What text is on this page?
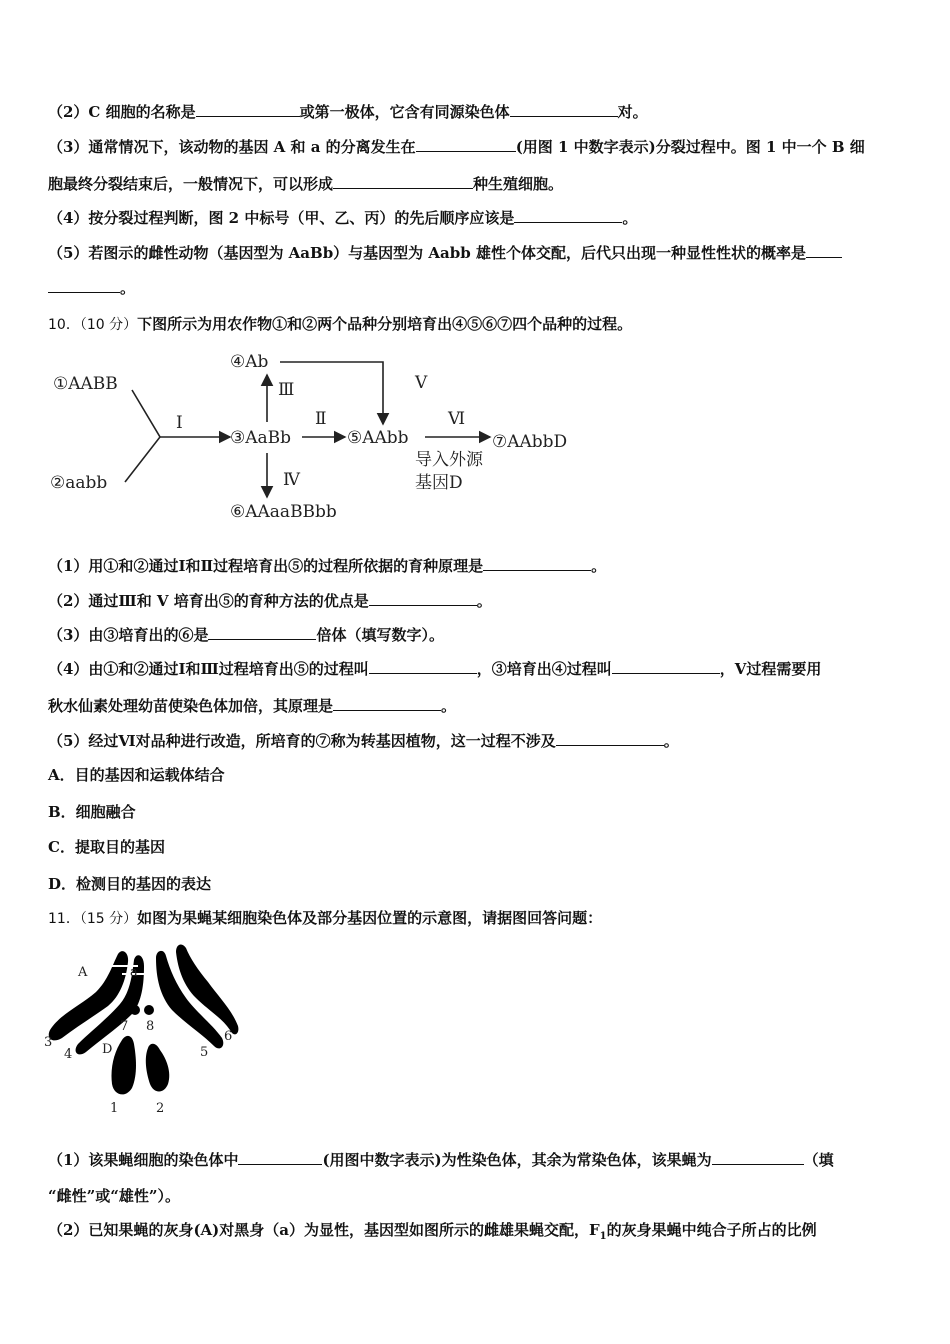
（2）C 细胞的名称是	或第一极体，它含有同源染色体	对。
（3）通常情况下，该动物的基因 A 和 a 的分离发生在	(用图 1 中数字表示)分裂过程中。图 1 中一个 B 细
胞最终分裂结束后，一般情况下，可以形成	种生殖细胞。
（4）按分裂过程判断，图 2 中标号（甲、乙、丙）的先后顺序应该是	。
（5）若图示的雌性动物（基因型为 AaBb）与基因型为 Aabb 雄性个体交配，后代只出现一种显性性状的概率是
。
10．（10 分）下图所示为用农作物①和②两个品种分别培育出④⑤⑥⑦四个品种的过程。
①AABB
②aabb
③AaBb
④Ab
⑤AAbb
⑥AAaaBBbb
⑦AAbbD
Ⅰ	Ⅱ
Ⅲ
Ⅳ
Ⅴ
Ⅵ
导入外源
基因D
（1）用①和②通过Ⅰ和Ⅱ过程培育出⑤的过程所依据的育种原理是	。
（2）通过Ⅲ和 V 培育出⑤的育种方法的优点是	。
（3）由③培育出的⑥是	倍体（填写数字）。
（4）由①和②通过Ⅰ和Ⅲ过程培育出⑤的过程叫	，③培育出④过程叫	，Ⅴ过程需要用
秋水仙素处理幼苗使染色体加倍，其原理是	。
（5）经过Ⅵ对品种进行改造，所培育的⑦称为转基因植物，这一过程不涉及	。
A．目的基因和运载体结合
B．细胞融合
C．提取目的基因
D．检测目的基因的表达
11．（15 分）如图为果蝇某细胞染色体及部分基因位置的示意图，请据图回答问题：
A	a
D
1	2
3
4	5
6
7 8
（1）该果蝇细胞的染色体中	(用图中数字表示)为性染色体，其余为常染色体，该果蝇为	（填
“雌性”或“雄性”）。
（2）已知果蝇的灰身(A)对黑身（a）为显性，基因型如图所示的雌雄果蝇交配，$F_1$的灰身果蝇中纯合子所占的比例
